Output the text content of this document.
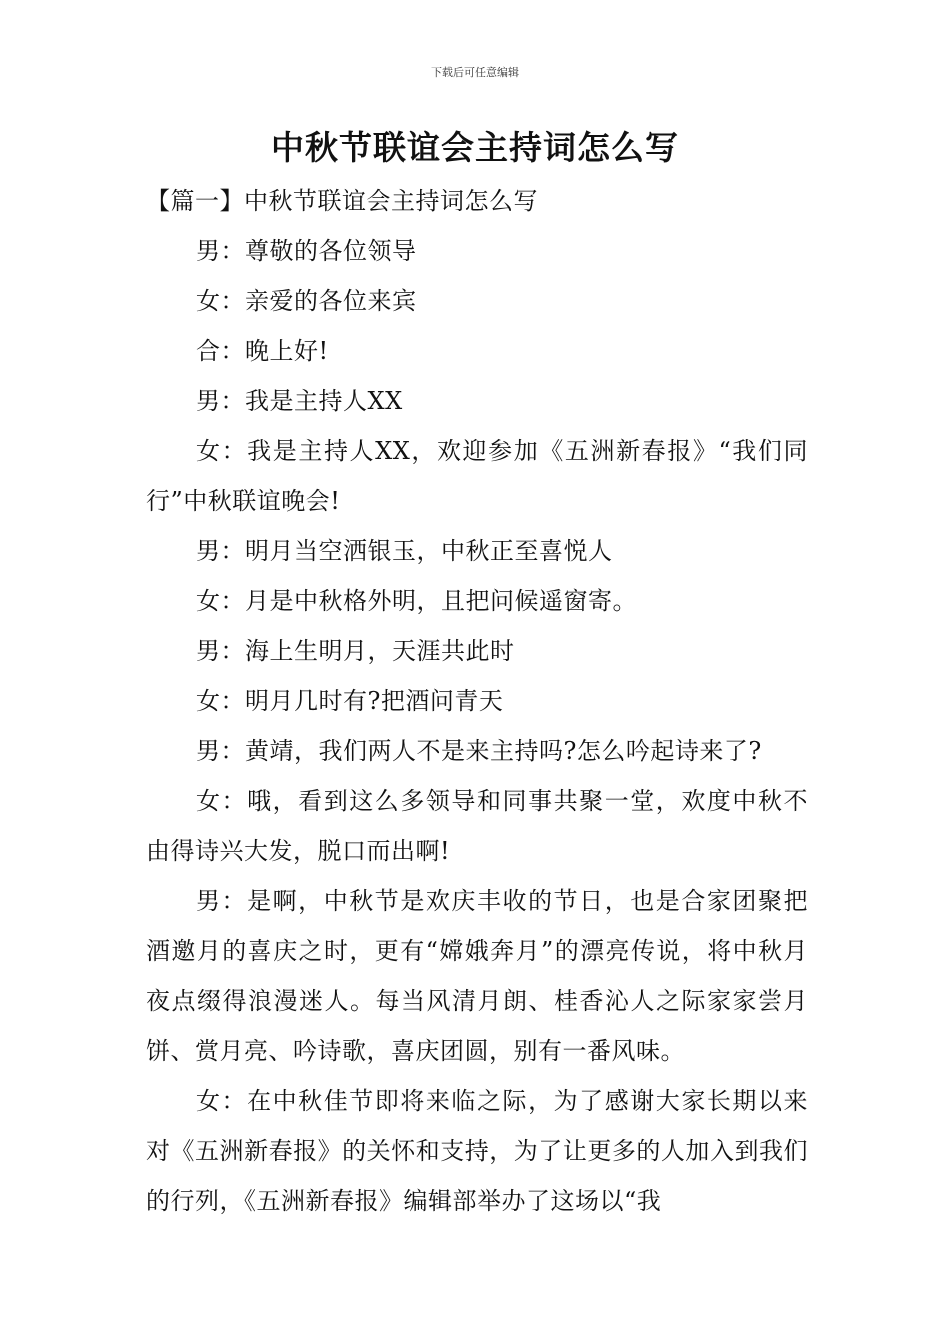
下载后可任意编辑
中秋节联谊会主持词怎么写

【篇一】中秋节联谊会主持词怎么写

男：尊敬的各位领导

女：亲爱的各位来宾

合：晚上好!

男：我是主持人XX

女：我是主持人XX，欢迎参加《五洲新春报》“我们同行”中秋联谊晚会!

男：明月当空洒银玉，中秋正至喜悦人

女：月是中秋格外明，且把问候遥窗寄。

男：海上生明月，天涯共此时

女：明月几时有?把酒问青天

男：黄靖，我们两人不是来主持吗?怎么吟起诗来了?

女：哦，看到这么多领导和同事共聚一堂，欢度中秋不由得诗兴大发，脱口而出啊!

男：是啊，中秋节是欢庆丰收的节日，也是合家团聚把酒邀月的喜庆之时，更有“嫦娥奔月”的漂亮传说，将中秋月夜点缀得浪漫迷人。每当风清月朗、桂香沁人之际家家尝月饼、赏月亮、吟诗歌，喜庆团圆，别有一番风味。

女：在中秋佳节即将来临之际，为了感谢大家长期以来对《五洲新春报》的关怀和支持，为了让更多的人加入到我们的行列，《五洲新春报》编辑部举办了这场以“我
